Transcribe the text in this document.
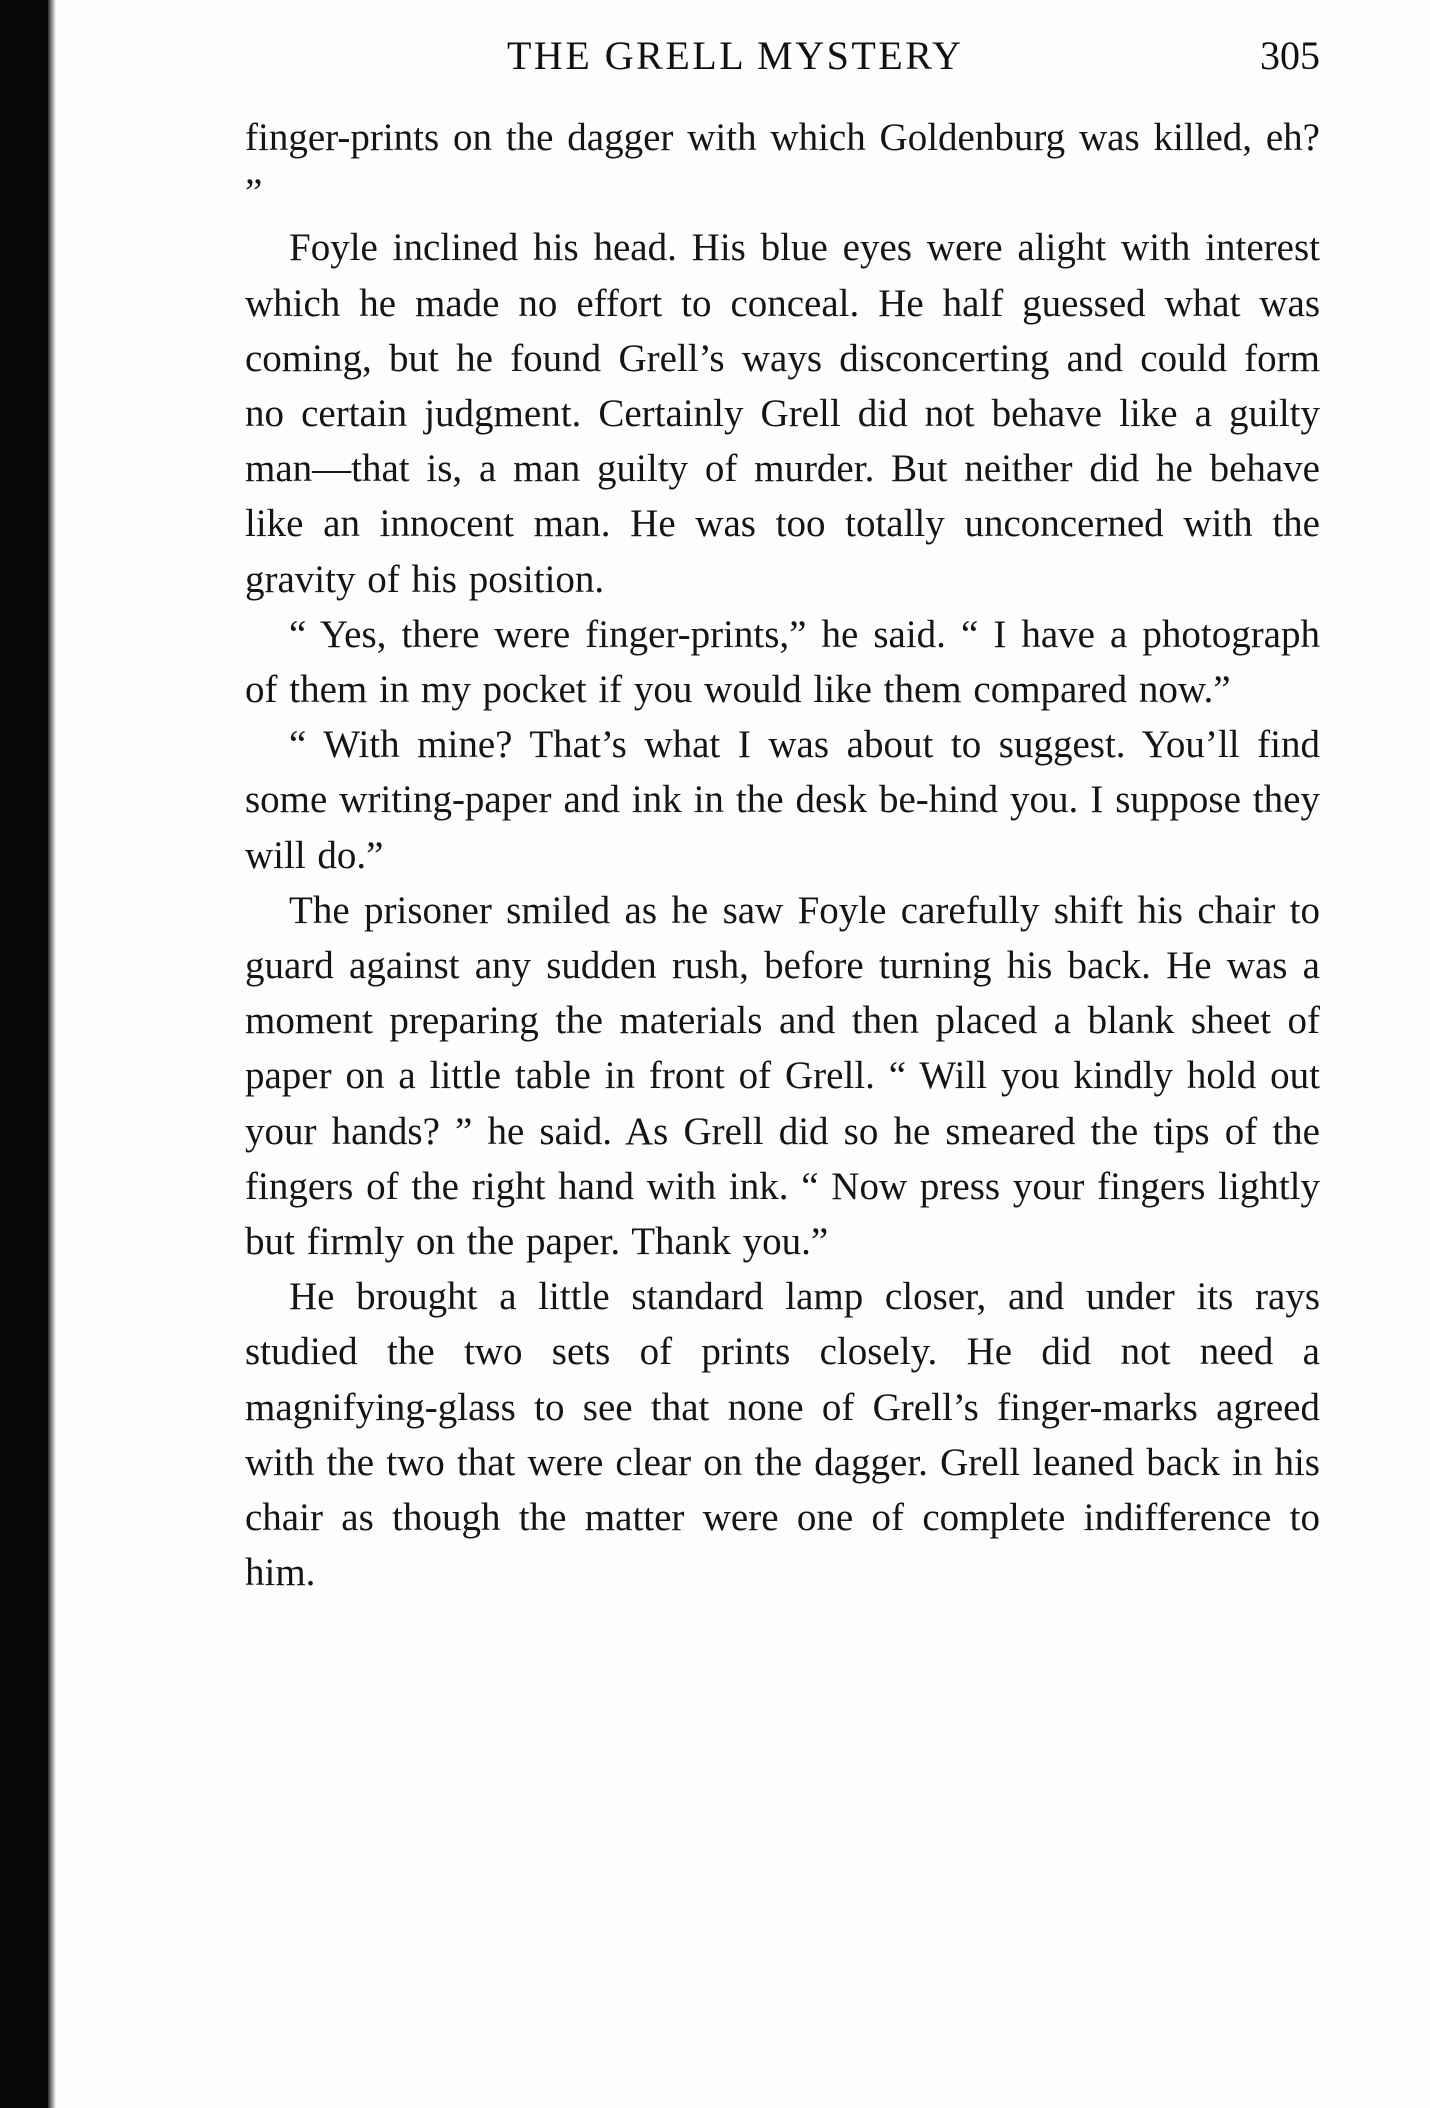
THE GRELL MYSTERY	305

finger-prints on the dagger with which Goldenburg was killed, eh? ”

Foyle inclined his head. His blue eyes were alight with interest which he made no effort to conceal. He half guessed what was coming, but he found Grell’s ways disconcerting and could form no certain judgment. Certainly Grell did not behave like a guilty man—that is, a man guilty of murder. But neither did he behave like an innocent man. He was too totally unconcerned with the gravity of his position.

“ Yes, there were finger-prints,” he said. “ I have a photograph of them in my pocket if you would like them compared now.”

“ With mine? That’s what I was about to suggest. You’ll find some writing-paper and ink in the desk be-hind you. I suppose they will do.”

The prisoner smiled as he saw Foyle carefully shift his chair to guard against any sudden rush, before turning his back. He was a moment preparing the materials and then placed a blank sheet of paper on a little table in front of Grell. “ Will you kindly hold out your hands? ” he said. As Grell did so he smeared the tips of the fingers of the right hand with ink. “ Now press your fingers lightly but firmly on the paper. Thank you.”

He brought a little standard lamp closer, and under its rays studied the two sets of prints closely. He did not need a magnifying-glass to see that none of Grell’s finger-marks agreed with the two that were clear on the dagger. Grell leaned back in his chair as though the matter were one of complete indifference to him.
